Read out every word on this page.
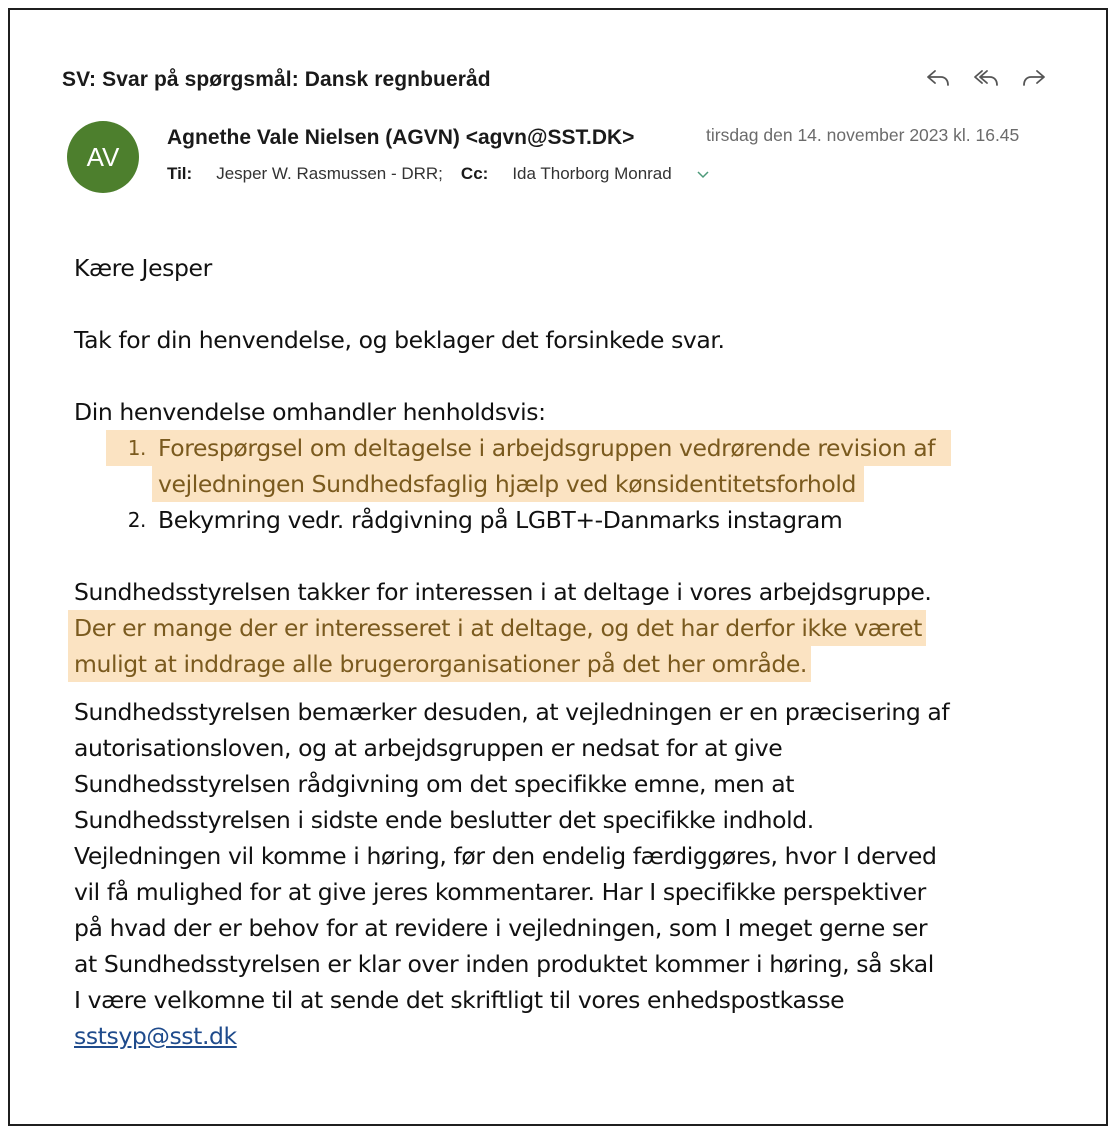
SV: Svar på spørgsmål: Dansk regnbueråd
AV
Agnethe Vale Nielsen (AGVN) <agvn@SST.DK>	tirsdag den 14. november 2023 kl. 16.45
Til: Jesper W. Rasmussen - DRR; Cc: Ida Thorborg Monrad

Kære Jesper

Tak for din henvendelse, og beklager det forsinkede svar.

Din henvendelse omhandler henholdsvis:

1. Forespørgsel om deltagelse i arbejdsgruppen vedrørende revision af
vejledningen Sundhedsfaglig hjælp ved kønsidentitetsforhold
2. Bekymring vedr. rådgivning på LGBT+-Danmarks instagram

Sundhedsstyrelsen takker for interessen i at deltage i vores arbejdsgruppe.

Der er mange der er interesseret i at deltage, og det har derfor ikke været

muligt at inddrage alle brugerorganisationer på det her område.

Sundhedsstyrelsen bemærker desuden, at vejledningen er en præcisering af

autorisationsloven, og at arbejdsgruppen er nedsat for at give

Sundhedsstyrelsen rådgivning om det specifikke emne, men at

Sundhedsstyrelsen i sidste ende beslutter det specifikke indhold.

Vejledningen vil komme i høring, før den endelig færdiggøres, hvor I derved

vil få mulighed for at give jeres kommentarer. Har I specifikke perspektiver

på hvad der er behov for at revidere i vejledningen, som I meget gerne ser

at Sundhedsstyrelsen er klar over inden produktet kommer i høring, så skal

I være velkomne til at sende det skriftligt til vores enhedspostkasse

sstsyp@sst.dk
